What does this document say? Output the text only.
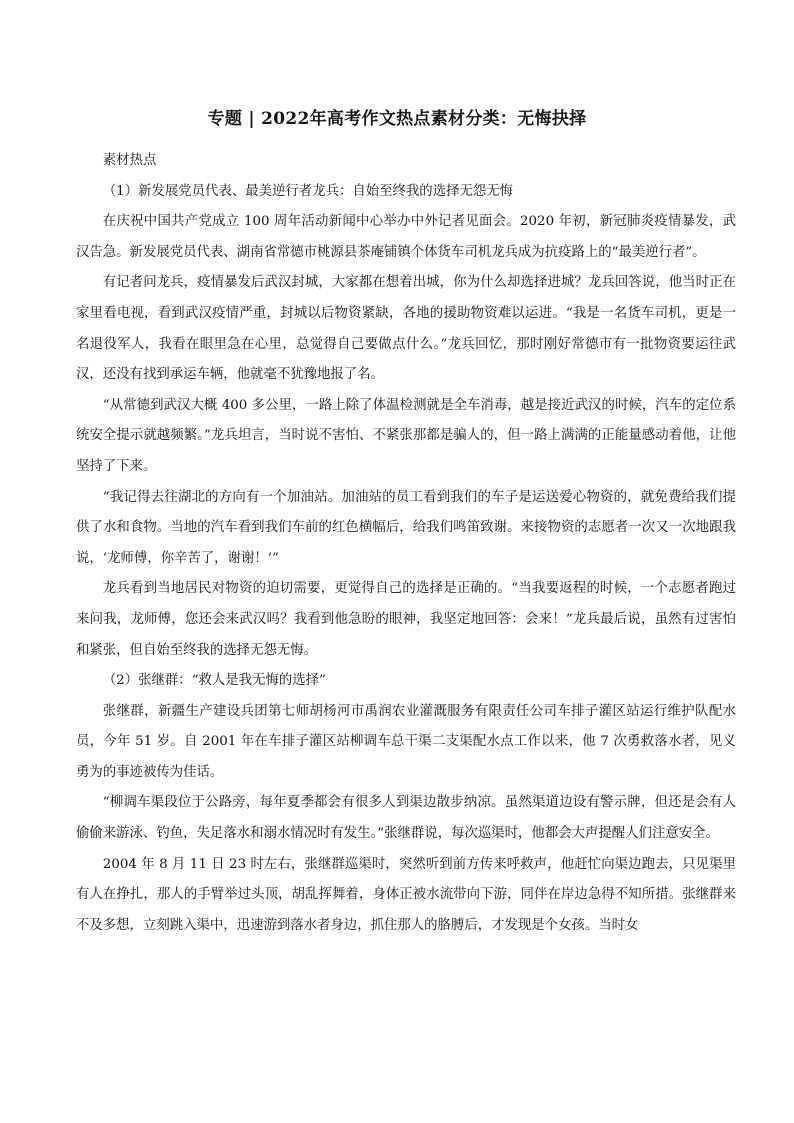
专题 | 2022年高考作文热点素材分类：无悔抉择

素材热点

（1）新发展党员代表、最美逆行者龙兵：自始至终我的选择无怨无悔

在庆祝中国共产党成立 100 周年活动新闻中心举办中外记者见面会。2020 年初，新冠肺炎疫情暴发，武汉告急。新发展党员代表、湖南省常德市桃源县茶庵铺镇个体货车司机龙兵成为抗疫路上的“最美逆行者”。

有记者问龙兵，疫情暴发后武汉封城，大家都在想着出城，你为什么却选择进城？龙兵回答说，他当时正在家里看电视，看到武汉疫情严重，封城以后物资紧缺，各地的援助物资难以运进。“我是一名货车司机，更是一名退役军人，我看在眼里急在心里，总觉得自己要做点什么。”龙兵回忆，那时刚好常德市有一批物资要运往武汉，还没有找到承运车辆，他就毫不犹豫地报了名。

“从常德到武汉大概 400 多公里，一路上除了体温检测就是全车消毒，越是接近武汉的时候，汽车的定位系统安全提示就越频繁。”龙兵坦言，当时说不害怕、不紧张那都是骗人的，但一路上满满的正能量感动着他，让他坚持了下来。

“我记得去往湖北的方向有一个加油站。加油站的员工看到我们的车子是运送爱心物资的，就免费给我们提供了水和食物。当地的汽车看到我们车前的红色横幅后，给我们鸣笛致谢。来接物资的志愿者一次又一次地跟我说，‘龙师傅，你辛苦了，谢谢！’”

龙兵看到当地居民对物资的迫切需要，更觉得自己的选择是正确的。“当我要返程的时候，一个志愿者跑过来问我，龙师傅，您还会来武汉吗？我看到他急盼的眼神，我坚定地回答：会来！”龙兵最后说，虽然有过害怕和紧张，但自始至终我的选择无怨无悔。

（2）张继群：“救人是我无悔的选择”

张继群，新疆生产建设兵团第七师胡杨河市禹润农业灌溉服务有限责任公司车排子灌区站运行维护队配水员，今年 51 岁。自 2001 年在车排子灌区站柳调车总干渠二支渠配水点工作以来，他 7 次勇救落水者，见义勇为的事迹被传为佳话。

“柳调车渠段位于公路旁，每年夏季都会有很多人到渠边散步纳凉。虽然渠道边设有警示牌，但还是会有人偷偷来游泳、钓鱼，失足落水和溺水情况时有发生。”张继群说，每次巡渠时，他都会大声提醒人们注意安全。

2004 年 8 月 11 日 23 时左右，张继群巡渠时，突然听到前方传来呼救声，他赶忙向渠边跑去，只见渠里有人在挣扎，那人的手臂举过头顶，胡乱挥舞着，身体正被水流带向下游，同伴在岸边急得不知所措。张继群来不及多想，立刻跳入渠中，迅速游到落水者身边，抓住那人的胳膊后，才发现是个女孩。当时女
